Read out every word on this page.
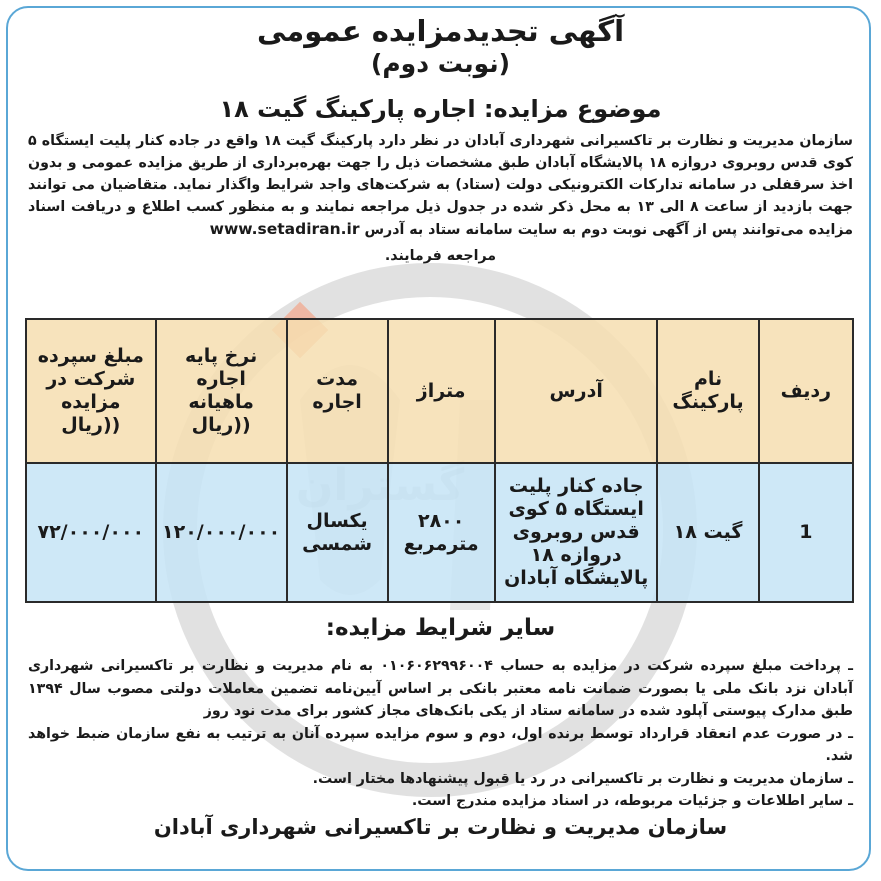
آگهی تجدیدمزایده عمومی
(نوبت دوم)
موضوع مزایده: اجاره پارکینگ گیت ۱۸
سازمان مدیریت و نظارت بر تاکسیرانی شهرداری آبادان در نظر دارد پارکینگ گیت ۱۸ واقع در جاده کنار پلیت ایستگاه ۵ کوی قدس روبروی دروازه ۱۸ پالایشگاه آبادان طبق مشخصات ذیل را جهت بهره‌برداری از طریق مزایده عمومی و بدون اخذ سرقفلی در سامانه تدارکات الکترونیکی دولت (ستاد) به شرکت‌های واجد شرایط واگذار نماید. متقاضیان می توانند جهت بازدید از ساعت ۸ الی ۱۳ به محل ذکر شده در جدول ذیل مراجعه نمایند و به منظور کسب اطلاع و دریافت اسناد مزایده می‌توانند پس از آگهی نوبت دوم به سایت سامانه ستاد به آدرس www.setadiran.ir
مراجعه فرمایند.
ردیف	نام پارکینگ	آدرس	متراژ	مدت اجاره	نرخ پایه اجاره ماهیانه ((ریال	مبلغ سپرده شرکت در مزایده ((ریال
1	گیت ۱۸	جاده کنار پلیت ایستگاه ۵ کوی قدس روبروی دروازه ۱۸ پالایشگاه آبادان	۲۸۰۰ مترمربع	یکسال شمسی	۱۲۰/۰۰۰/۰۰۰	۷۲/۰۰۰/۰۰۰
سایر شرایط مزایده:

ـ پرداخت مبلغ سپرده شرکت در مزایده به حساب ۰۱۰۶۰۶۲۹۹۶۰۰۴ به نام مدیریت و نظارت بر تاکسیرانی شهرداری آبادان نزد بانک ملی یا بصورت ضمانت نامه معتبر بانکی بر اساس آیین‌نامه تضمین معاملات دولتی مصوب سال ۱۳۹۴ طبق مدارک پیوستی آپلود شده در سامانه ستاد از یکی بانک‌های مجاز کشور برای مدت نود روز

ـ در صورت عدم انعقاد قرارداد توسط برنده اول، دوم و سوم مزایده سپرده آنان به ترتیب به نفع سازمان ضبط خواهد شد.

ـ سازمان مدیریت و نظارت بر تاکسیرانی در رد یا قبول پیشنهادها مختار است.

ـ سایر اطلاعات و جزئیات مربوطه، در اسناد مزایده مندرج است.

سازمان مدیریت و نظارت بر تاکسیرانی شهرداری آبادان
